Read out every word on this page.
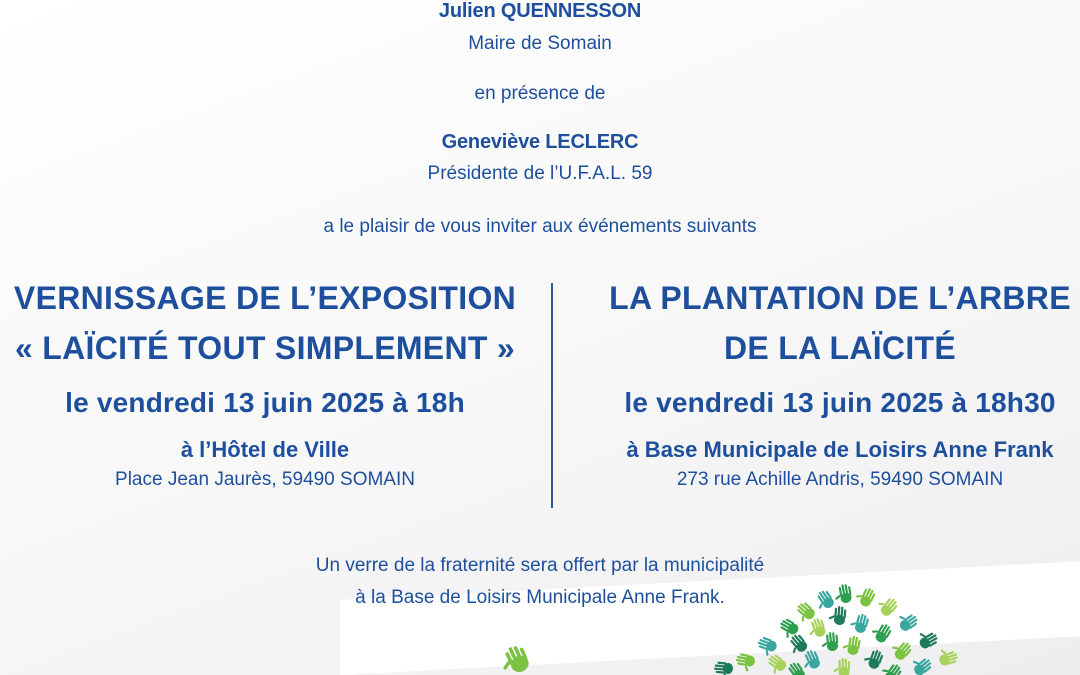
Julien QUENNESSON
Maire de Somain
en présence de
Geneviève LECLERC
Présidente de l’U.F.A.L. 59
a le plaisir de vous inviter aux événements suivants
VERNISSAGE DE L’EXPOSITION
« LAÏCITÉ TOUT SIMPLEMENT »
le vendredi 13 juin 2025 à 18h
à l’Hôtel de Ville
Place Jean Jaurès, 59490 SOMAIN
LA PLANTATION DE L’ARBRE
DE LA LAÏCITÉ
le vendredi 13 juin 2025 à 18h30
à Base Municipale de Loisirs Anne Frank
273 rue Achille Andris, 59490 SOMAIN
Un verre de la fraternité sera offert par la municipalité
à la Base de Loisirs Municipale Anne Frank.
